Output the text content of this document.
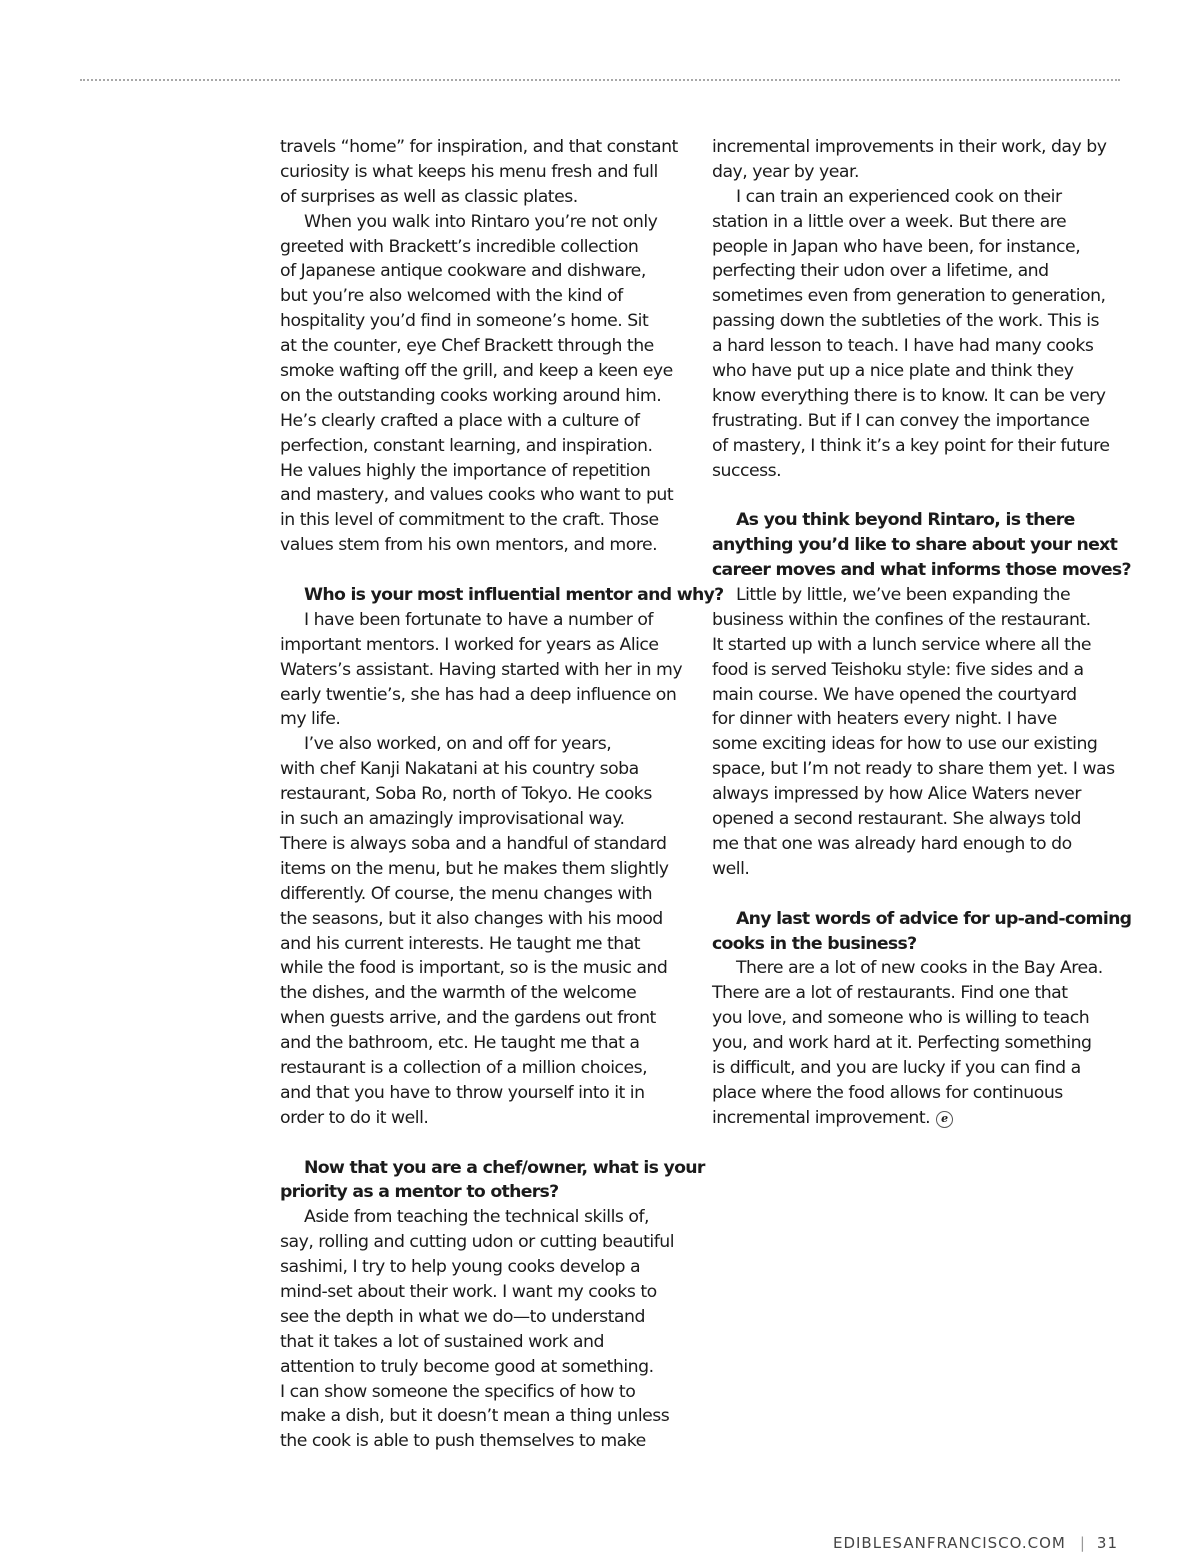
travels “home” for inspiration, and that constant
curiosity is what keeps his menu fresh and full
of surprises as well as classic plates.
When you walk into Rintaro you’re not only
greeted with Brackett’s incredible collection
of Japanese antique cookware and dishware,
but you’re also welcomed with the kind of
hospitality you’d find in someone’s home. Sit
at the counter, eye Chef Brackett through the
smoke wafting off the grill, and keep a keen eye
on the outstanding cooks working around him.
He’s clearly crafted a place with a culture of
perfection, constant learning, and inspiration.
He values highly the importance of repetition
and mastery, and values cooks who want to put
in this level of commitment to the craft. Those
values stem from his own mentors, and more.
Who is your most influential mentor and why?
I have been fortunate to have a number of
important mentors. I worked for years as Alice
Waters’s assistant. Having started with her in my
early twentie’s, she has had a deep influence on
my life.
I’ve also worked, on and off for years,
with chef Kanji Nakatani at his country soba
restaurant, Soba Ro, north of Tokyo. He cooks
in such an amazingly improvisational way.
There is always soba and a handful of standard
items on the menu, but he makes them slightly
differently. Of course, the menu changes with
the seasons, but it also changes with his mood
and his current interests. He taught me that
while the food is important, so is the music and
the dishes, and the warmth of the welcome
when guests arrive, and the gardens out front
and the bathroom, etc. He taught me that a
restaurant is a collection of a million choices,
and that you have to throw yourself into it in
order to do it well.
Now that you are a chef/owner, what is your
priority as a mentor to others?
Aside from teaching the technical skills of,
say, rolling and cutting udon or cutting beautiful
sashimi, I try to help young cooks develop a
mind-set about their work. I want my cooks to
see the depth in what we do—to understand
that it takes a lot of sustained work and
attention to truly become good at something.
I can show someone the specifics of how to
make a dish, but it doesn’t mean a thing unless
the cook is able to push themselves to make
incremental improvements in their work, day by
day, year by year.
I can train an experienced cook on their
station in a little over a week. But there are
people in Japan who have been, for instance,
perfecting their udon over a lifetime, and
sometimes even from generation to generation,
passing down the subtleties of the work. This is
a hard lesson to teach. I have had many cooks
who have put up a nice plate and think they
know everything there is to know. It can be very
frustrating. But if I can convey the importance
of mastery, I think it’s a key point for their future
success.
As you think beyond Rintaro, is there
anything you’d like to share about your next
career moves and what informs those moves?
Little by little, we’ve been expanding the
business within the confines of the restaurant.
It started up with a lunch service where all the
food is served Teishoku style: five sides and a
main course. We have opened the courtyard
for dinner with heaters every night. I have
some exciting ideas for how to use our existing
space, but I’m not ready to share them yet. I was
always impressed by how Alice Waters never
opened a second restaurant. She always told
me that one was already hard enough to do
well.
Any last words of advice for up-and-coming
cooks in the business?
There are a lot of new cooks in the Bay Area.
There are a lot of restaurants. Find one that
you love, and someone who is willing to teach
you, and work hard at it. Perfecting something
is difficult, and you are lucky if you can find a
place where the food allows for continuous
incremental improvement. e
EDIBLESANFRANCISCO.COM | 31
